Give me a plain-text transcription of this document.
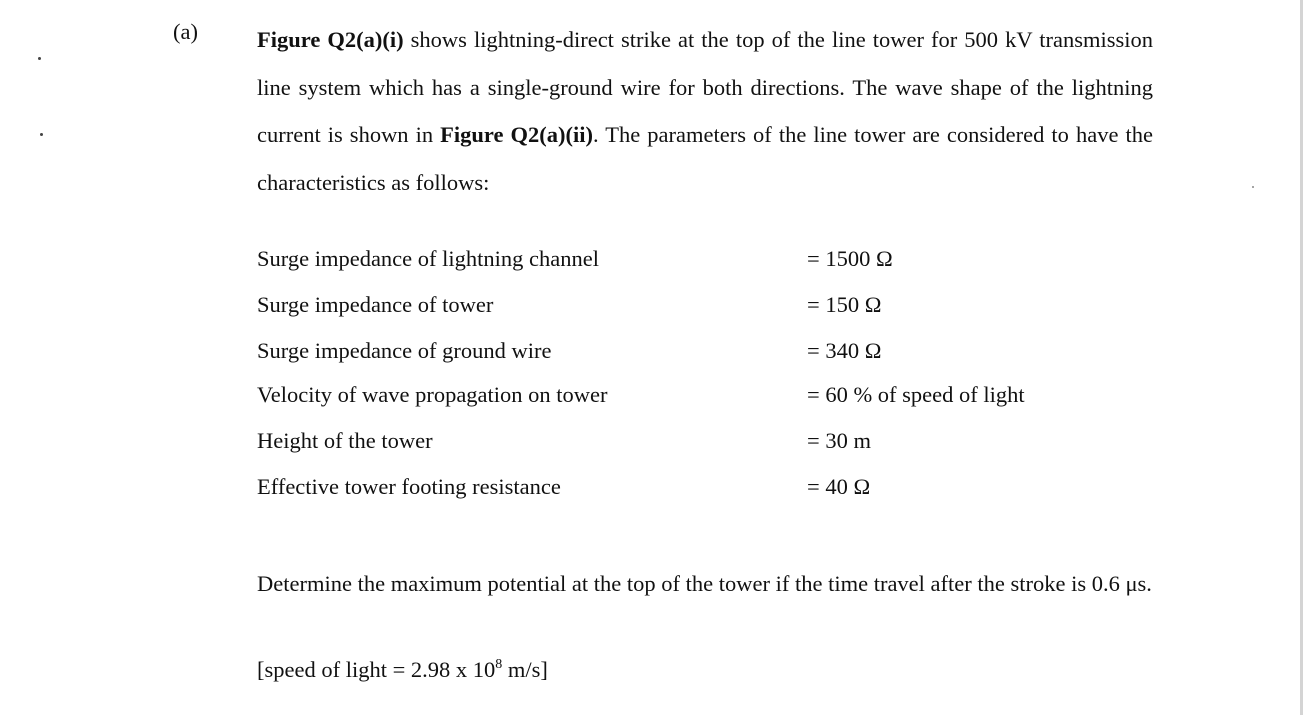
(a)	Figure Q2(a)(i) shows lightning-direct strike at the top of the line tower for 500 kV transmission line system which has a single-ground wire for both directions. The wave shape of the lightning current is shown in Figure Q2(a)(ii). The parameters of the line tower are considered to have the characteristics as follows:
Surge impedance of lightning channel	= 1500 Ω
Surge impedance of tower	= 150 Ω
Surge impedance of ground wire	= 340 Ω
Velocity of wave propagation on tower	= 60 % of speed of light
Height of the tower	= 30 m
Effective tower footing resistance	= 40 Ω
Determine the maximum potential at the top of the tower if the time travel after the stroke is 0.6 μs.
[speed of light = 2.98 x $10^8$ m/s]
